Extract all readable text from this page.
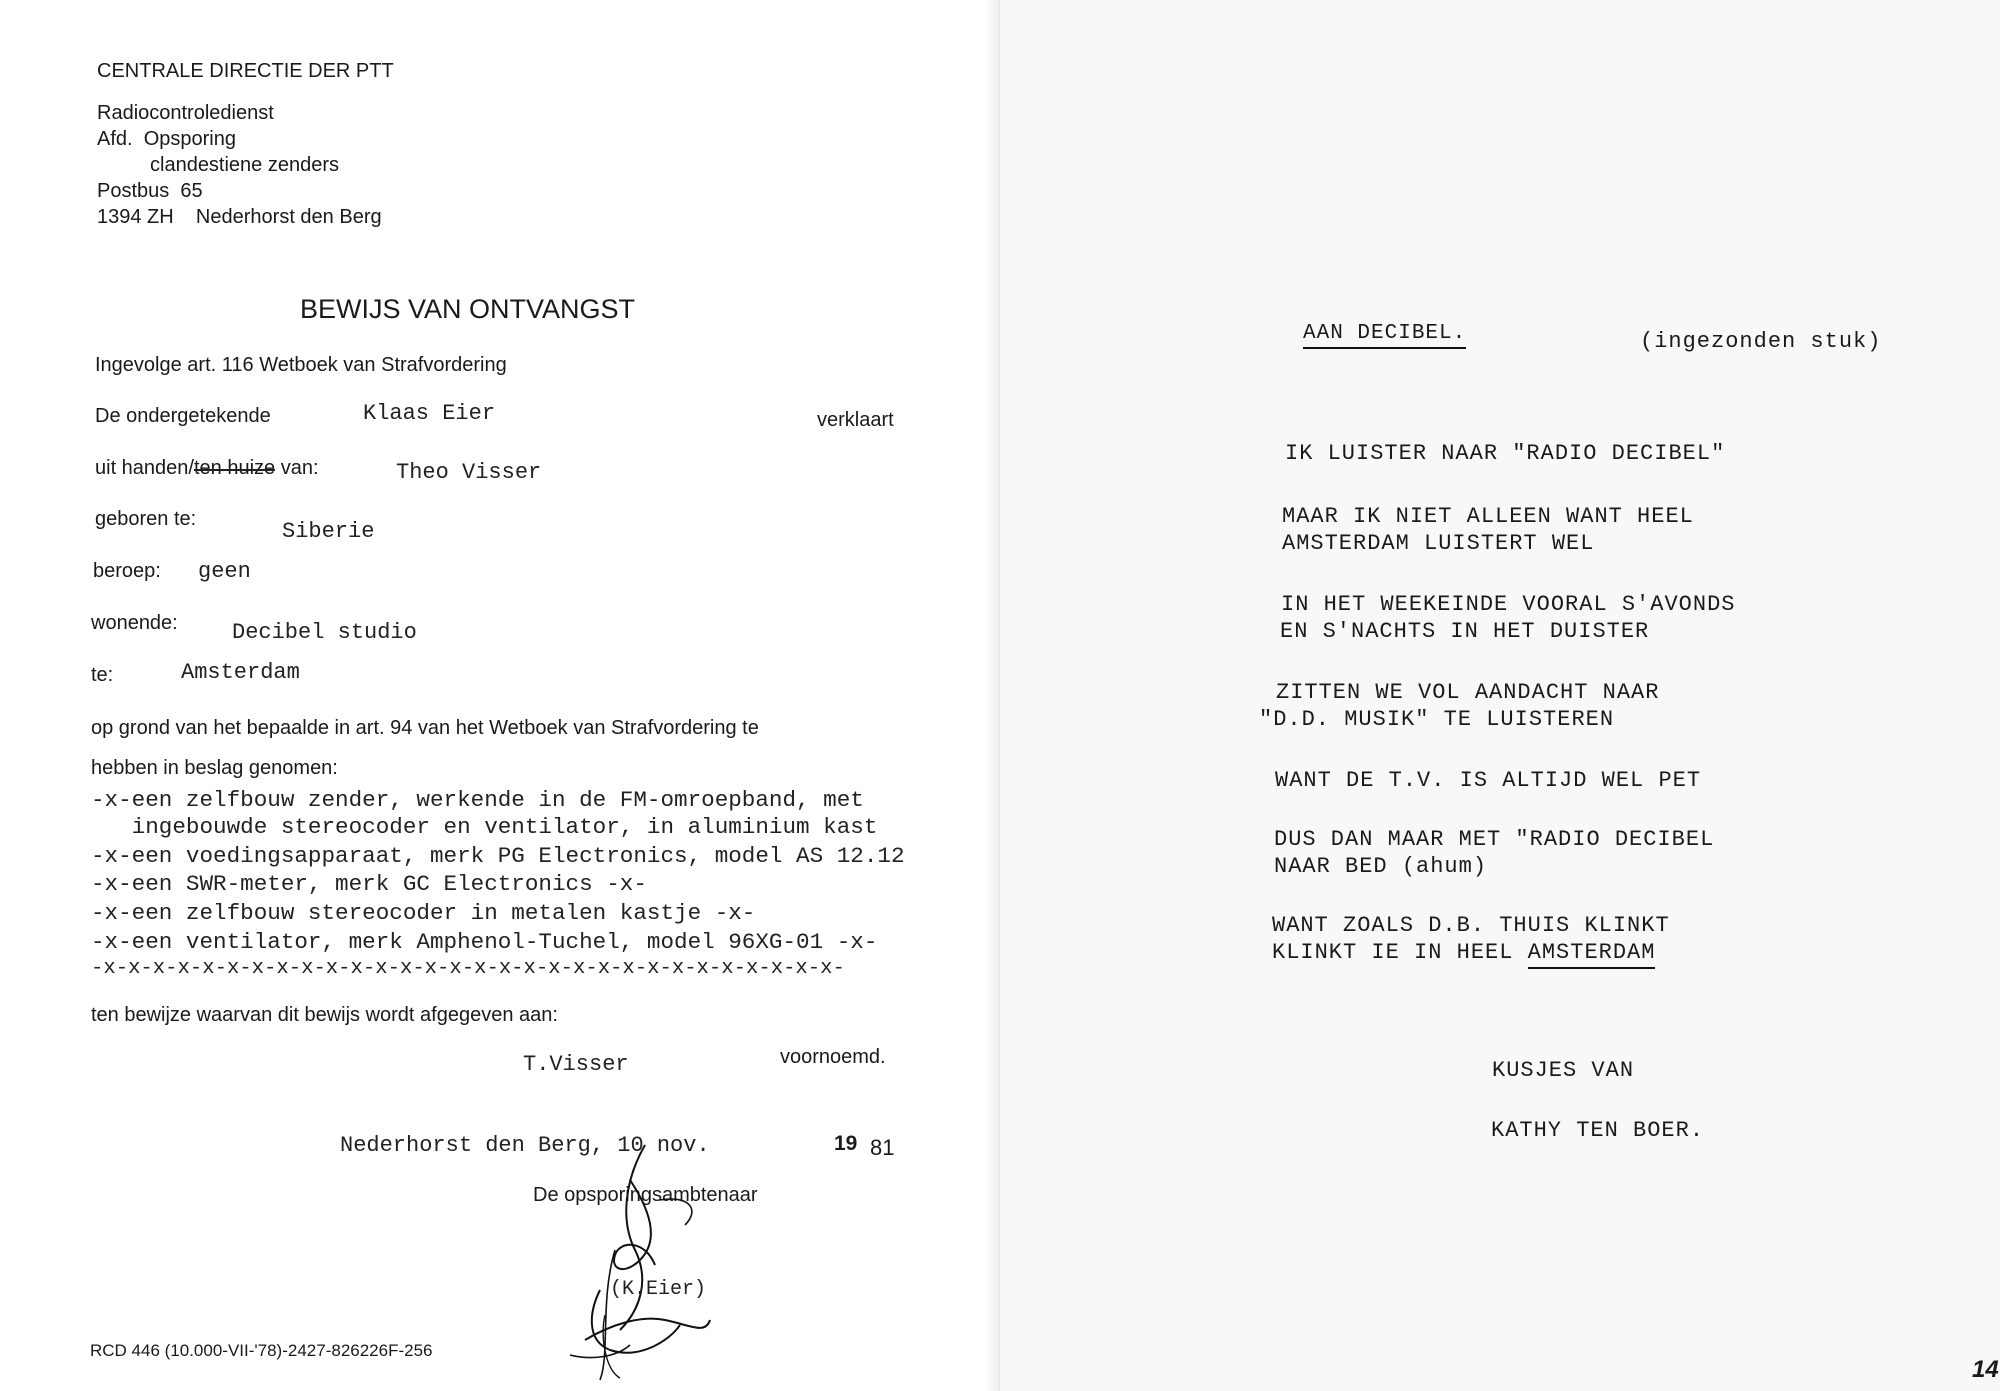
CENTRALE DIRECTIE DER PTT
Radiocontroledienst
Afd.  Opsporing
clandestiene zenders
Postbus  65
1394 ZH    Nederhorst den Berg
BEWIJS VAN ONTVANGST
Ingevolge art. 116 Wetboek van Strafvordering
De ondergetekende	Klaas Eier	verklaart
uit handen/ten huize van:	Theo Visser
geboren te:	Siberie
beroep: geen
wonende: Decibel studio
te:	Amsterdam
op grond van het bepaalde in art. 94 van het Wetboek van Strafvordering te
hebben in beslag genomen:
-x-een zelfbouw zender, werkende in de FM-omroepband, met
ingebouwde stereocoder en ventilator, in aluminium kast
-x-een voedingsapparaat, merk PG Electronics, model AS 12.12
-x-een SWR-meter, merk GC Electronics -x-
-x-een zelfbouw stereocoder in metalen kastje -x-
-x-een ventilator, merk Amphenol-Tuchel, model 96XG-01 -x-
-x-x-x-x-x-x-x-x-x-x-x-x-x-x-x-x-x-x-x-x-x-x-x-x-x-x-x-x-x-x-
ten bewijze waarvan dit bewijs wordt afgegeven aan:
T.Visser	voornoemd.
Nederhorst den Berg, 10 nov.	19 81
De opsporingsambtenaar
(K.Eier)
RCD 446 (10.000-VII-'78)-2427-826226F-256
AAN DECIBEL.	(ingezonden stuk)
IK LUISTER NAAR "RADIO DECIBEL"
MAAR IK NIET ALLEEN WANT HEEL
AMSTERDAM LUISTERT WEL
IN HET WEEKEINDE VOORAL S'AVONDS
EN S'NACHTS IN HET DUISTER
ZITTEN WE VOL AANDACHT NAAR
"D.D. MUSIK" TE LUISTEREN
WANT DE T.V. IS ALTIJD WEL PET
DUS DAN MAAR MET "RADIO DECIBEL
NAAR BED (ahum)
WANT ZOALS D.B. THUIS KLINKT
KLINKT IE IN HEEL AMSTERDAM
KUSJES VAN
KATHY TEN BOER.
14
